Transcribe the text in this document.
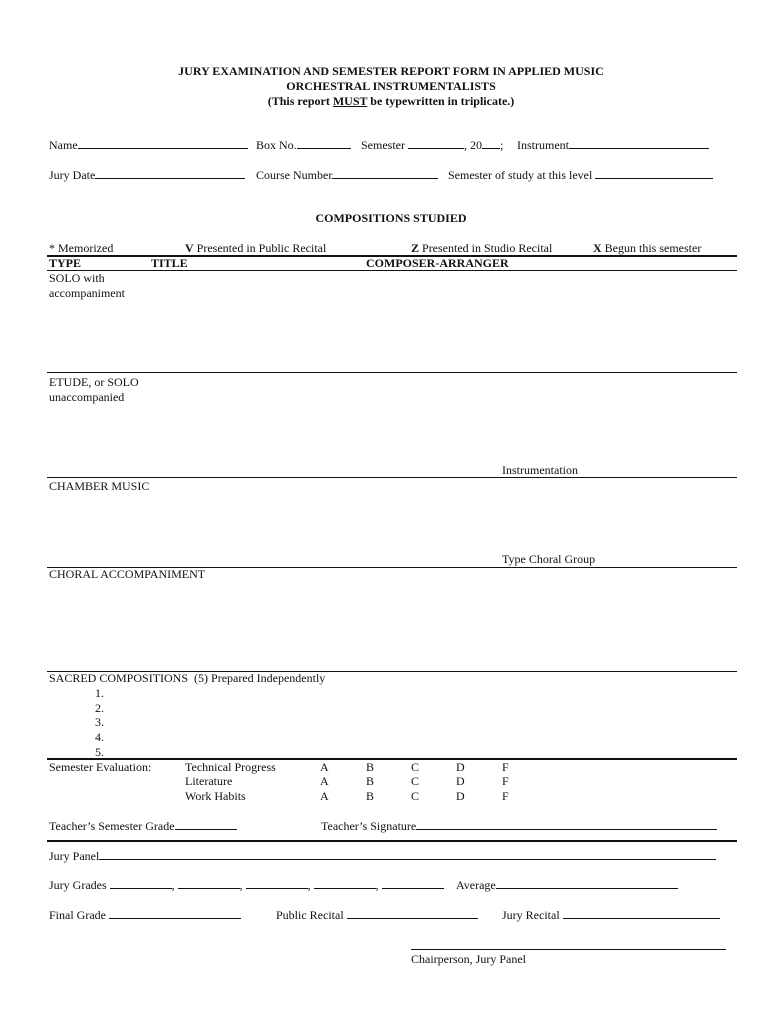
JURY EXAMINATION AND SEMESTER REPORT FORM IN APPLIED MUSIC
ORCHESTRAL INSTRUMENTALISTS
(This report MUST be typewritten in triplicate.)
Name	Box No.	Semester	, 20 ; Instrument
Jury Date	Course Number	Semester of study at this level
COMPOSITIONS STUDIED
* Memorized	V Presented in Public Recital	Z Presented in Studio Recital	X Begun this semester
TYPE	TITLE	COMPOSER-ARRANGER
SOLO with
accompaniment
ETUDE, or SOLO
unaccompanied
Instrumentation
CHAMBER MUSIC
Type Choral Group
CHORAL ACCOMPANIMENT
SACRED COMPOSITIONS  (5) Prepared Independently
1.
2.
3.
4.
5.
Semester Evaluation:	Technical Progress	A	B	C	D	F
Literature	A	B	C	D	F
Work Habits	A	B	C	D	F
Teacher’s Semester Grade	Teacher’s Signature
Jury Panel
Jury Grades	,	,	,	,	Average
Final Grade	Public Recital	Jury Recital
Chairperson, Jury Panel
